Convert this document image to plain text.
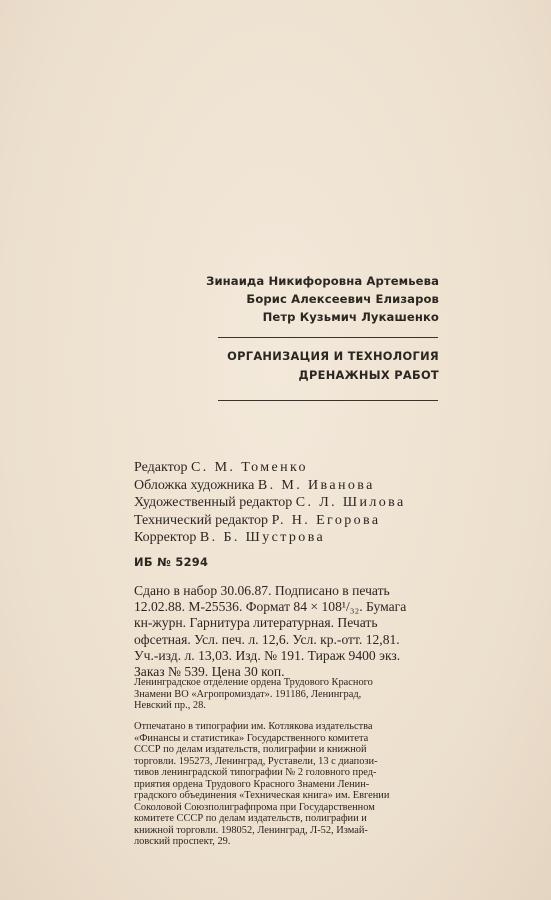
Зинаида Никифоровна Артемьева
Борис Алексеевич Елизаров
Петр Кузьмич Лукашенко
ОРГАНИЗАЦИЯ И ТЕХНОЛОГИЯ
ДРЕНАЖНЫХ РАБОТ
Редактор С. М. Томенко
Обложка художника В. М. Иванова
Художественный редактор С. Л. Шилова
Технический редактор Р. Н. Егорова
Корректор В. Б. Шустрова
ИБ № 5294
Сдано в набор 30.06.87. Подписано в печать
12.02.88. М-25536. Формат 84 × 108¹/₃₂. Бумага
кн-журн. Гарнитура литературная. Печать
офсетная. Усл. печ. л. 12,6. Усл. кр.-отт. 12,81.
Уч.-изд. л. 13,03. Изд. № 191. Тираж 9400 экз.
Заказ № 539. Цена 30 коп.
Ленинградское отделение ордена Трудового Красного
Знамени ВО «Агропромиздат». 191186, Ленинград,
Невский пр., 28.
Отпечатано в типографии им. Котлякова издательства
«Финансы и статистика» Государственного комитета
СССР по делам издательств, полиграфии и книжной
торговли. 195273, Ленинград, Руставели, 13 с диапози-
тивов ленинградской типографии № 2 головного пред-
приятия ордена Трудового Красного Знамени Ленин-
градского объединения «Техническая книга» им. Евгении
Соколовой Союзполиграфпрома при Государственном
комитете СССР по делам издательств, полиграфии и
книжной торговли. 198052, Ленинград, Л-52, Измай-
ловский проспект, 29.
